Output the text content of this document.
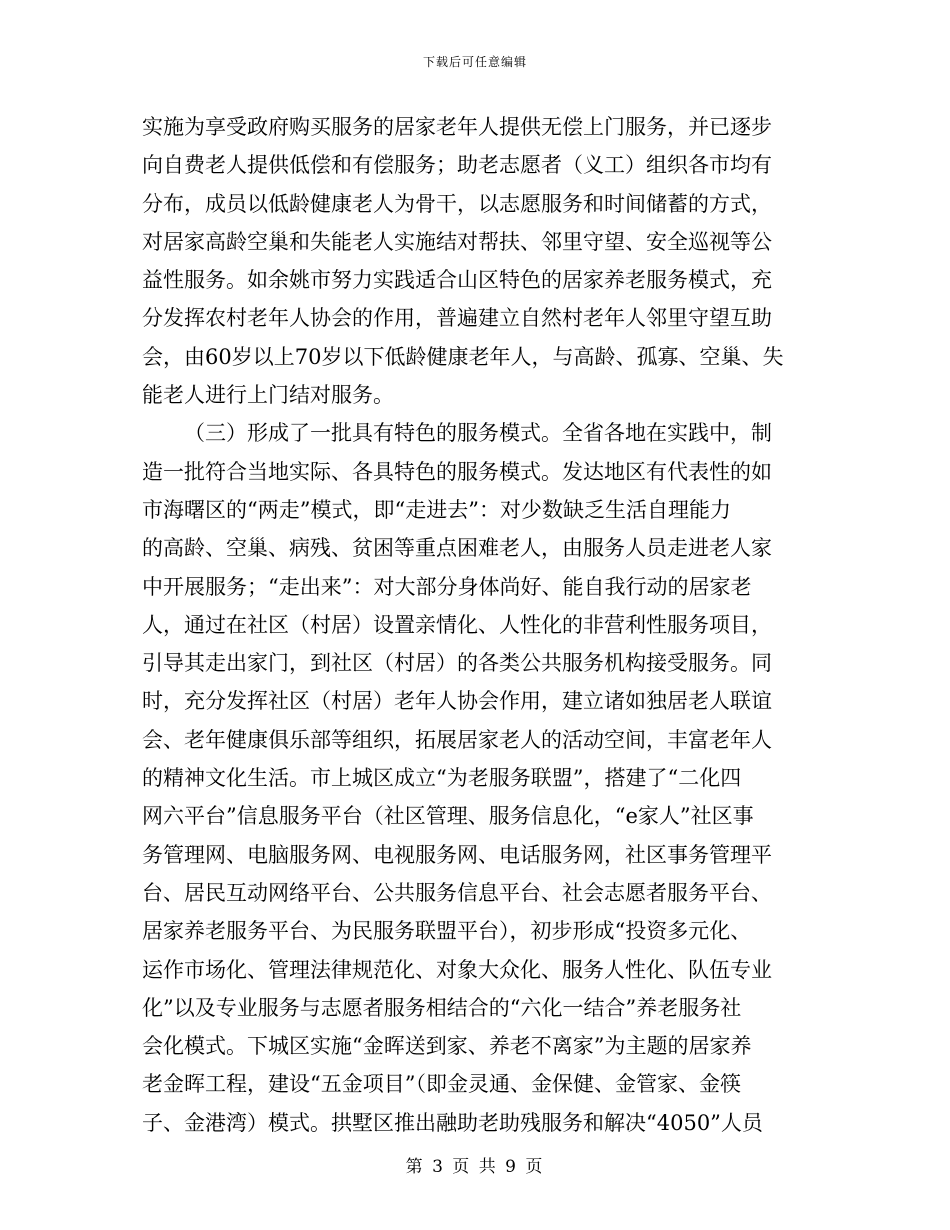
下载后可任意编辑
实施为享受政府购买服务的居家老年人提供无偿上门服务，并已逐步
向自费老人提供低偿和有偿服务；助老志愿者（义工）组织各市均有
分布，成员以低龄健康老人为骨干，以志愿服务和时间储蓄的方式，
对居家高龄空巢和失能老人实施结对帮扶、邻里守望、安全巡视等公
益性服务。如余姚市努力实践适合山区特色的居家养老服务模式，充
分发挥农村老年人协会的作用，普遍建立自然村老年人邻里守望互助
会，由60岁以上70岁以下低龄健康老年人，与高龄、孤寡、空巢、失
能老人进行上门结对服务。
（三）形成了一批具有特色的服务模式。全省各地在实践中，制
造一批符合当地实际、各具特色的服务模式。发达地区有代表性的如
市海曙区的“两走”模式，即“走进去”：对少数缺乏生活自理能力
的高龄、空巢、病残、贫困等重点困难老人，由服务人员走进老人家
中开展服务；“走出来”：对大部分身体尚好、能自我行动的居家老
人，通过在社区（村居）设置亲情化、人性化的非营利性服务项目，
引导其走出家门，到社区（村居）的各类公共服务机构接受服务。同
时，充分发挥社区（村居）老年人协会作用，建立诸如独居老人联谊
会、老年健康俱乐部等组织，拓展居家老人的活动空间，丰富老年人
的精神文化生活。市上城区成立“为老服务联盟”，搭建了“二化四
网六平台”信息服务平台（社区管理、服务信息化，“e家人”社区事
务管理网、电脑服务网、电视服务网、电话服务网，社区事务管理平
台、居民互动网络平台、公共服务信息平台、社会志愿者服务平台、
居家养老服务平台、为民服务联盟平台），初步形成“投资多元化、
运作市场化、管理法律规范化、对象大众化、服务人性化、队伍专业
化”以及专业服务与志愿者服务相结合的“六化一结合”养老服务社
会化模式。下城区实施“金晖送到家、养老不离家”为主题的居家养
老金晖工程，建设“五金项目”（即金灵通、金保健、金管家、金筷
子、金港湾）模式。拱墅区推出融助老助残服务和解决“4050”人员
第 3 页 共 9 页
